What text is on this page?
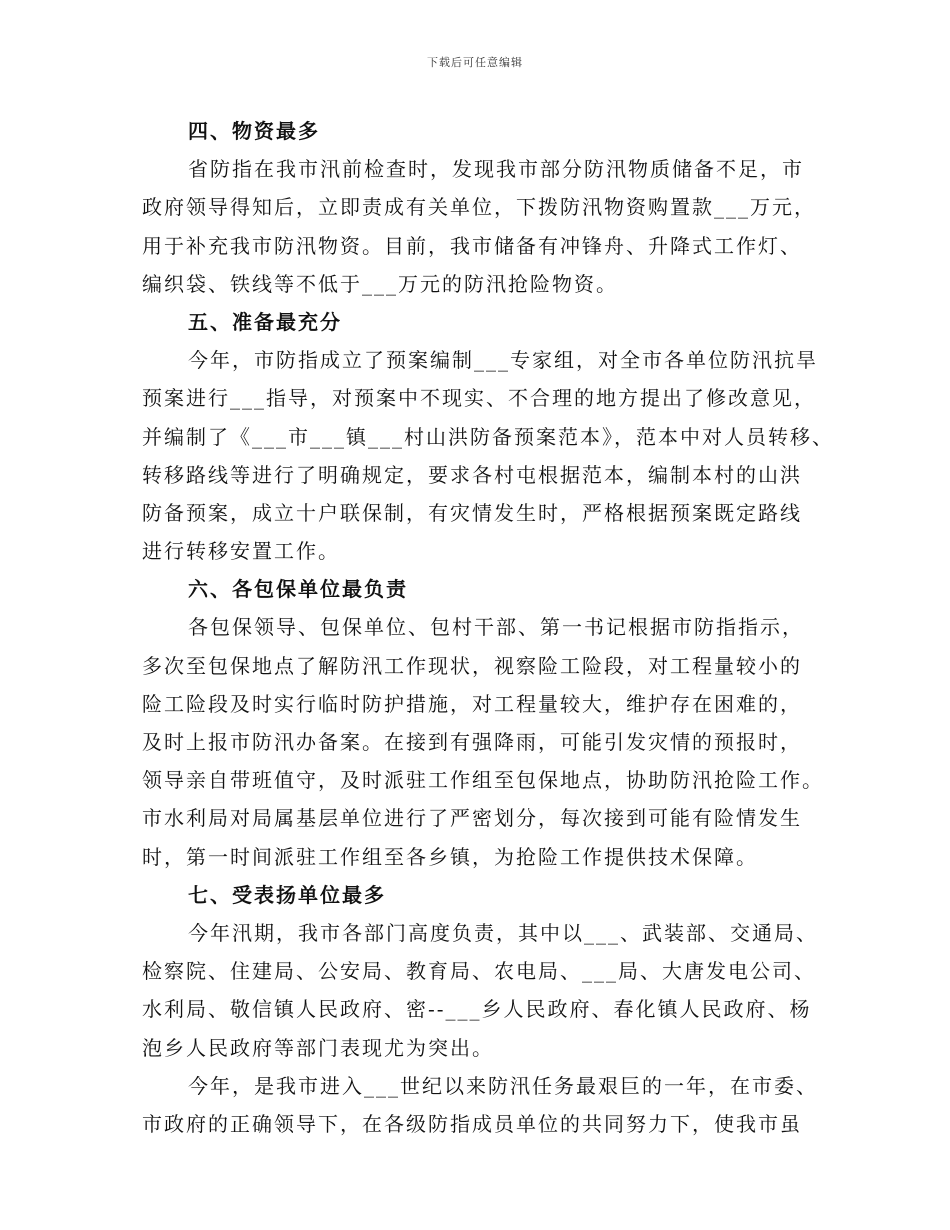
下载后可任意编辑
四、物资最多
省防指在我市汛前检查时，发现我市部分防汛物质储备不足，市
政府领导得知后，立即责成有关单位，下拨防汛物资购置款___万元，
用于补充我市防汛物资。目前，我市储备有冲锋舟、升降式工作灯、
编织袋、铁线等不低于___万元的防汛抢险物资。
五、准备最充分
今年，市防指成立了预案编制___专家组，对全市各单位防汛抗旱
预案进行___指导，对预案中不现实、不合理的地方提出了修改意见，
并编制了《___市___镇___村山洪防备预案范本》，范本中对人员转移、
转移路线等进行了明确规定，要求各村屯根据范本，编制本村的山洪
防备预案，成立十户联保制，有灾情发生时，严格根据预案既定路线
进行转移安置工作。
六、各包保单位最负责
各包保领导、包保单位、包村干部、第一书记根据市防指指示，
多次至包保地点了解防汛工作现状，视察险工险段，对工程量较小的
险工险段及时实行临时防护措施，对工程量较大，维护存在困难的，
及时上报市防汛办备案。在接到有强降雨，可能引发灾情的预报时，
领导亲自带班值守，及时派驻工作组至包保地点，协助防汛抢险工作。
市水利局对局属基层单位进行了严密划分，每次接到可能有险情发生
时，第一时间派驻工作组至各乡镇，为抢险工作提供技术保障。
七、受表扬单位最多
今年汛期，我市各部门高度负责，其中以___、武装部、交通局、
检察院、住建局、公安局、教育局、农电局、___局、大唐发电公司、
水利局、敬信镇人民政府、密--___乡人民政府、春化镇人民政府、杨
泡乡人民政府等部门表现尤为突出。
今年，是我市进入___世纪以来防汛任务最艰巨的一年，在市委、
市政府的正确领导下，在各级防指成员单位的共同努力下，使我市虽
